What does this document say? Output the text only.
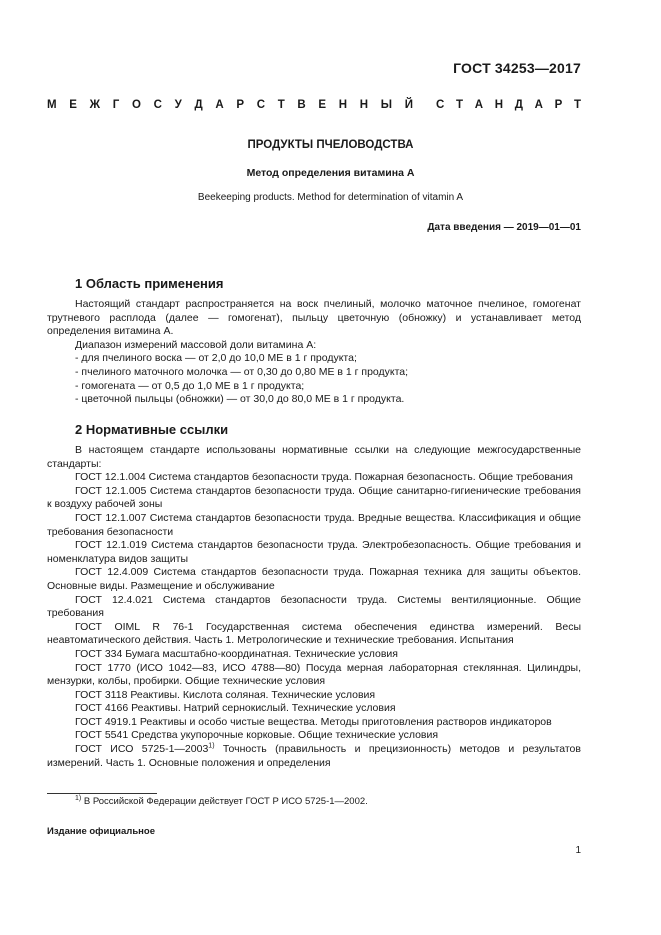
ГОСТ 34253—2017
М Е Ж Г О С У Д А Р С Т В Е Н Н Ы Й С Т А Н Д А Р Т
ПРОДУКТЫ ПЧЕЛОВОДСТВА
Метод определения витамина А
Beekeeping products. Method for determination of vitamin A
Дата введения — 2019—01—01
1 Область применения

Настоящий стандарт распространяется на воск пчелиный, молочко маточное пчелиное, гомогенат трутневого расплода (далее — гомогенат), пыльцу цветочную (обножку) и устанавливает метод определения витамина А.

Диапазон измерений массовой доли витамина А:

- для пчелиного воска — от 2,0 до 10,0 МЕ в 1 г продукта;

- пчелиного маточного молочка — от 0,30 до 0,80 МЕ в 1 г продукта;

- гомогената — от 0,5 до 1,0 МЕ в 1 г продукта;

- цветочной пыльцы (обножки) — от 30,0 до 80,0 МЕ в 1 г продукта.

2 Нормативные ссылки

В настоящем стандарте использованы нормативные ссылки на следующие межгосударственные стандарты:

ГОСТ 12.1.004 Система стандартов безопасности труда. Пожарная безопасность. Общие требования

ГОСТ 12.1.005 Система стандартов безопасности труда. Общие санитарно-гигиенические требования к воздуху рабочей зоны

ГОСТ 12.1.007 Система стандартов безопасности труда. Вредные вещества. Классификация и общие требования безопасности

ГОСТ 12.1.019 Система стандартов безопасности труда. Электробезопасность. Общие требования и номенклатура видов защиты

ГОСТ 12.4.009 Система стандартов безопасности труда. Пожарная техника для защиты объектов. Основные виды. Размещение и обслуживание

ГОСТ 12.4.021 Система стандартов безопасности труда. Системы вентиляционные. Общие требования

ГОСТ OIML R 76-1 Государственная система обеспечения единства измерений. Весы неавтоматического действия. Часть 1. Метрологические и технические требования. Испытания

ГОСТ 334 Бумага масштабно-координатная. Технические условия

ГОСТ 1770 (ИСО 1042—83, ИСО 4788—80) Посуда мерная лабораторная стеклянная. Цилиндры, мензурки, колбы, пробирки. Общие технические условия

ГОСТ 3118 Реактивы. Кислота соляная. Технические условия

ГОСТ 4166 Реактивы. Натрий сернокислый. Технические условия

ГОСТ 4919.1 Реактивы и особо чистые вещества. Методы приготовления растворов индикаторов

ГОСТ 5541 Средства укупорочные корковые. Общие технические условия

ГОСТ ИСО 5725-1—2003$^{1)}$ Точность (правильность и прецизионность) методов и результатов измерений. Часть 1. Основные положения и определения

$^{1)}$ В Российской Федерации действует ГОСТ Р ИСО 5725-1—2002.
Издание официальное
1
